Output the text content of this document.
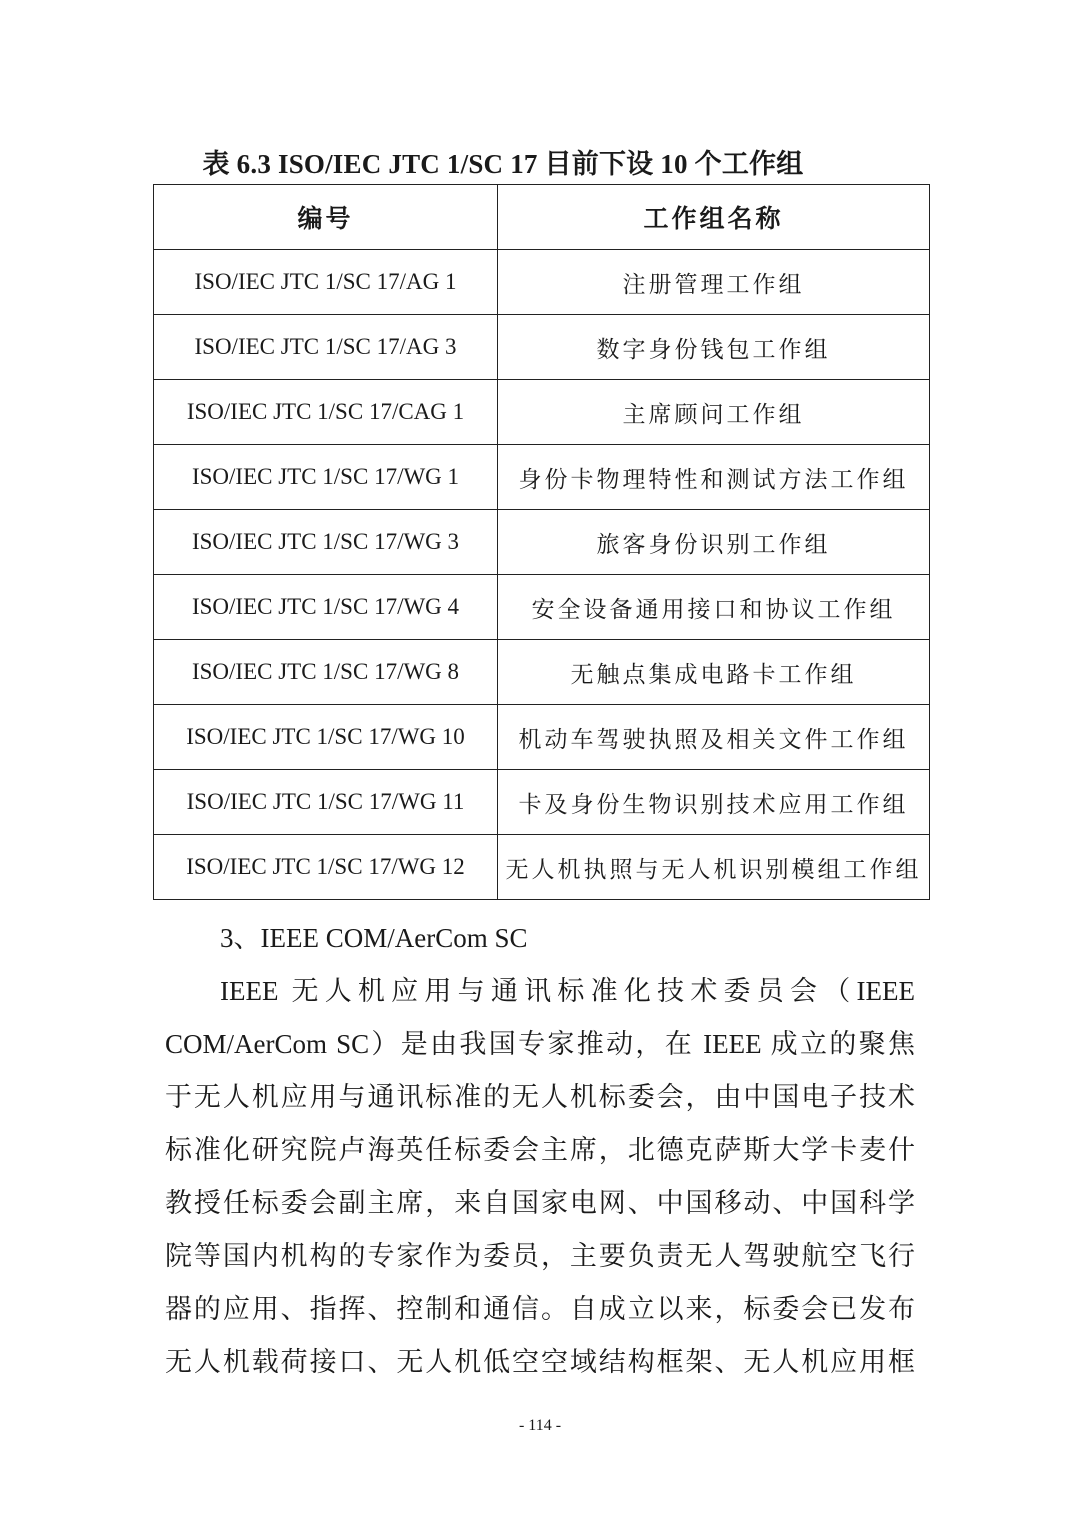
表 6.3 ISO/IEC JTC 1/SC 17 目前下设 10 个工作组
编号	工作组名称
ISO/IEC JTC 1/SC 17/AG 1	注册管理工作组
ISO/IEC JTC 1/SC 17/AG 3	数字身份钱包工作组
ISO/IEC JTC 1/SC 17/CAG 1	主席顾问工作组
ISO/IEC JTC 1/SC 17/WG 1	身份卡物理特性和测试方法工作组
ISO/IEC JTC 1/SC 17/WG 3	旅客身份识别工作组
ISO/IEC JTC 1/SC 17/WG 4	安全设备通用接口和协议工作组
ISO/IEC JTC 1/SC 17/WG 8	无触点集成电路卡工作组
ISO/IEC JTC 1/SC 17/WG 10	机动车驾驶执照及相关文件工作组
ISO/IEC JTC 1/SC 17/WG 11	卡及身份生物识别技术应用工作组
ISO/IEC JTC 1/SC 17/WG 12	无人机执照与无人机识别模组工作组
3、IEEE COM/AerCom SC
IEEE 无人机应用与通讯标准化技术委员会（IEEE
COM/AerCom SC）是由我国专家推动，在 IEEE 成立的聚焦
于无人机应用与通讯标准的无人机标委会，由中国电子技术
标准化研究院卢海英任标委会主席，北德克萨斯大学卡麦什
教授任标委会副主席，来自国家电网、中国移动、中国科学
院等国内机构的专家作为委员，主要负责无人驾驶航空飞行
器的应用、指挥、控制和通信。自成立以来，标委会已发布
无人机载荷接口、无人机低空空域结构框架、无人机应用框
- 114 -
